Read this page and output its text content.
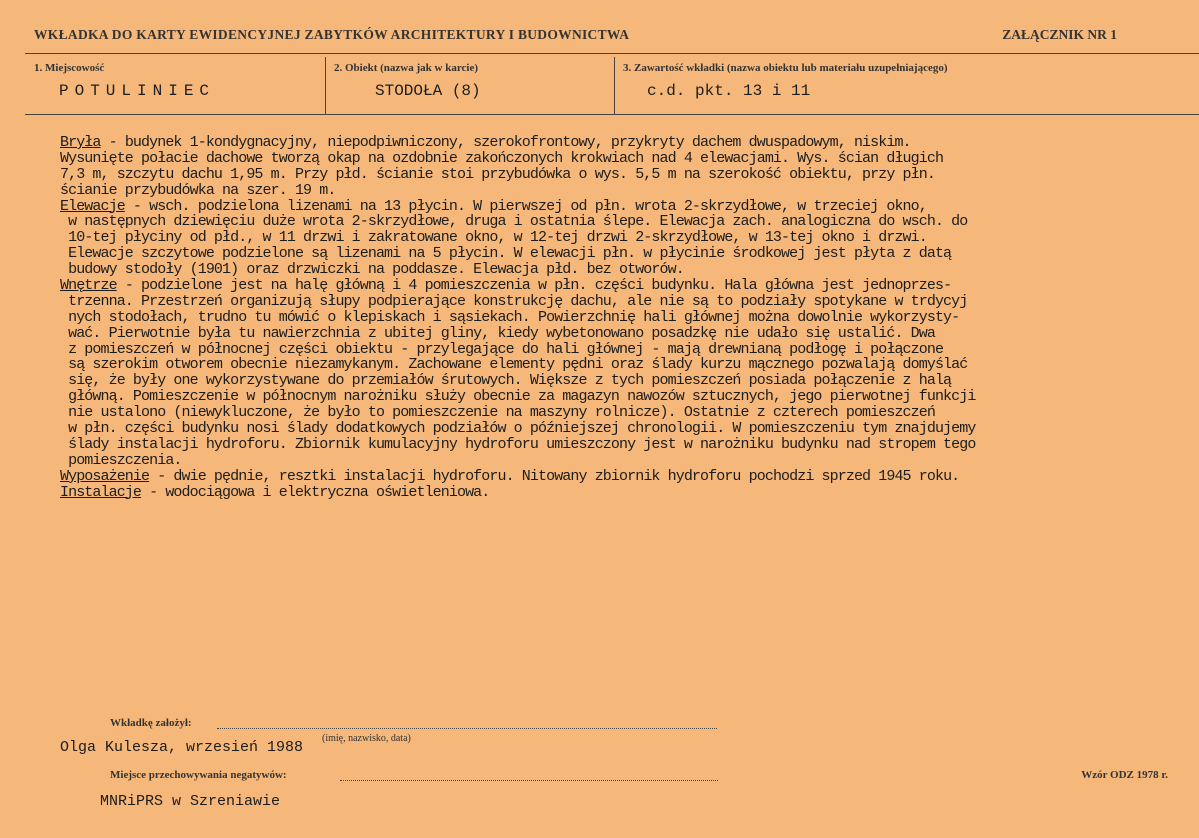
WKŁADKA DO KARTY EWIDENCYJNEJ ZABYTKÓW ARCHITEKTURY I BUDOWNICTWA	ZAŁĄCZNIK NR 1
1. Miejscowość
POTULINIEC
2. Obiekt (nazwa jak w karcie)
STODOŁA (8)
3. Zawartość wkładki (nazwa obiektu lub materiału uzupełniającego)
c.d. pkt. 13 i 11
Bryła - budynek 1-kondygnacyjny, niepodpiwniczony, szerokofrontowy, przykryty dachem dwuspadowym, niskim.
Wysunięte połacie dachowe tworzą okap na ozdobnie zakończonych krokwiach nad 4 elewacjami. Wys. ścian długich
7,3 m, szczytu dachu 1,95 m. Przy płd. ścianie stoi przybudówka o wys. 5,5 m na szerokość obiektu, przy płn.
ścianie przybudówka na szer. 19 m.
Elewacje - wsch. podzielona lizenami na 13 płycin. W pierwszej od płn. wrota 2-skrzydłowe, w trzeciej okno,
w następnych dziewięciu duże wrota 2-skrzydłowe, druga i ostatnia ślepe. Elewacja zach. analogiczna do wsch. do
10-tej płyciny od płd., w 11 drzwi i zakratowane okno, w 12-tej drzwi 2-skrzydłowe, w 13-tej okno i drzwi.
Elewacje szczytowe podzielone są lizenami na 5 płycin. W elewacji płn. w płycinie środkowej jest płyta z datą
budowy stodoły (1901) oraz drzwiczki na poddasze. Elewacja płd. bez otworów.
Wnętrze - podzielone jest na halę główną i 4 pomieszczenia w płn. części budynku. Hala główna jest jednoprzes-
trzenna. Przestrzeń organizują słupy podpierające konstrukcję dachu, ale nie są to podziały spotykane w trdycyj
nych stodołach, trudno tu mówić o klepiskach i sąsiekach. Powierzchnię hali głównej można dowolnie wykorzysty-
wać. Pierwotnie była tu nawierzchnia z ubitej gliny, kiedy wybetonowano posadzkę nie udało się ustalić. Dwa
z pomieszczeń w północnej części obiektu - przylegające do hali głównej - mają drewnianą podłogę i połączone
są szerokim otworem obecnie niezamykanym. Zachowane elementy pędni oraz ślady kurzu mącznego pozwalają domyślać
się, że były one wykorzystywane do przemiałów śrutowych. Większe z tych pomieszczeń posiada połączenie z halą
główną. Pomieszczenie w północnym narożniku służy obecnie za magazyn nawozów sztucznych, jego pierwotnej funkcji
nie ustalono (niewykluczone, że było to pomieszczenie na maszyny rolnicze). Ostatnie z czterech pomieszczeń
w płn. części budynku nosi ślady dodatkowych podziałów o późniejszej chronologii. W pomieszczeniu tym znajdujemy
ślady instalacji hydroforu. Zbiornik kumulacyjny hydroforu umieszczony jest w narożniku budynku nad stropem tego
pomieszczenia.
Wyposażenie - dwie pędnie, resztki instalacji hydroforu. Nitowany zbiornik hydroforu pochodzi sprzed 1945 roku.
Instalacje - wodociągowa i elektryczna oświetleniowa.
Wkładkę założył:
Olga Kulesza, wrzesień 1988
(imię, nazwisko, data)
Miejsce przechowywania negatywów:	Wzór ODZ 1978 r.
MNRiPRS w Szreniawie
